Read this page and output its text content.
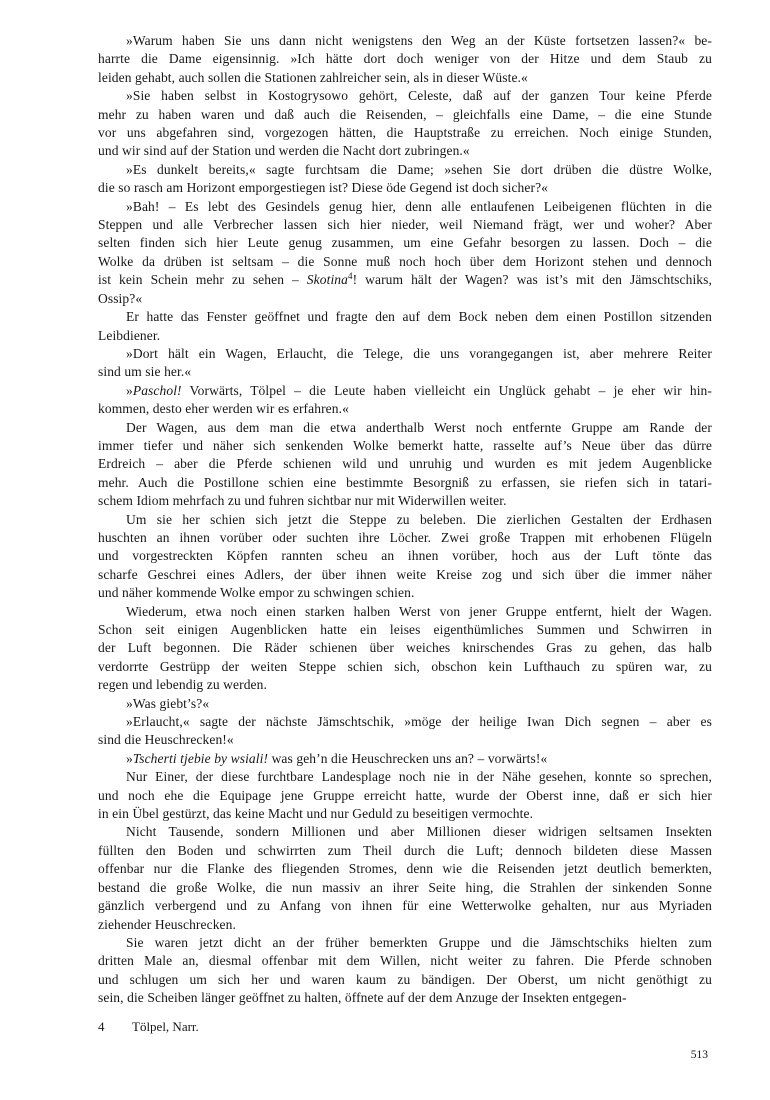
»Warum haben Sie uns dann nicht wenigstens den Weg an der Küste fortsetzen lassen?« be-
harrte die Dame eigensinnig. »Ich hätte dort doch weniger von der Hitze und dem Staub zu
leiden gehabt, auch sollen die Stationen zahlreicher sein, als in dieser Wüste.«
»Sie haben selbst in Kostogrysowo gehört, Celeste, daß auf der ganzen Tour keine Pferde
mehr zu haben waren und daß auch die Reisenden, – gleichfalls eine Dame, – die eine Stunde
vor uns abgefahren sind, vorgezogen hätten, die Hauptstraße zu erreichen. Noch einige Stunden,
und wir sind auf der Station und werden die Nacht dort zubringen.«
»Es dunkelt bereits,« sagte furchtsam die Dame; »sehen Sie dort drüben die düstre Wolke,
die so rasch am Horizont emporgestiegen ist? Diese öde Gegend ist doch sicher?«
»Bah! – Es lebt des Gesindels genug hier, denn alle entlaufenen Leibeigenen flüchten in die
Steppen und alle Verbrecher lassen sich hier nieder, weil Niemand frägt, wer und woher? Aber
selten finden sich hier Leute genug zusammen, um eine Gefahr besorgen zu lassen. Doch – die
Wolke da drüben ist seltsam – die Sonne muß noch hoch über dem Horizont stehen und dennoch
ist kein Schein mehr zu sehen – Skotina$^4$! warum hält der Wagen? was ist’s mit den Jämschtschiks,
Ossip?«
Er hatte das Fenster geöffnet und fragte den auf dem Bock neben dem einen Postillon sitzenden
Leibdiener.
»Dort hält ein Wagen, Erlaucht, die Telege, die uns vorangegangen ist, aber mehrere Reiter
sind um sie her.«
»Paschol! Vorwärts, Tölpel – die Leute haben vielleicht ein Unglück gehabt – je eher wir hin-
kommen, desto eher werden wir es erfahren.«
Der Wagen, aus dem man die etwa anderthalb Werst noch entfernte Gruppe am Rande der
immer tiefer und näher sich senkenden Wolke bemerkt hatte, rasselte auf’s Neue über das dürre
Erdreich – aber die Pferde schienen wild und unruhig und wurden es mit jedem Augenblicke
mehr. Auch die Postillone schien eine bestimmte Besorgniß zu erfassen, sie riefen sich in tatari-
schem Idiom mehrfach zu und fuhren sichtbar nur mit Widerwillen weiter.
Um sie her schien sich jetzt die Steppe zu beleben. Die zierlichen Gestalten der Erdhasen
huschten an ihnen vorüber oder suchten ihre Löcher. Zwei große Trappen mit erhobenen Flügeln
und vorgestreckten Köpfen rannten scheu an ihnen vorüber, hoch aus der Luft tönte das
scharfe Geschrei eines Adlers, der über ihnen weite Kreise zog und sich über die immer näher
und näher kommende Wolke empor zu schwingen schien.
Wiederum, etwa noch einen starken halben Werst von jener Gruppe entfernt, hielt der Wagen.
Schon seit einigen Augenblicken hatte ein leises eigenthümliches Summen und Schwirren in
der Luft begonnen. Die Räder schienen über weiches knirschendes Gras zu gehen, das halb
verdorrte Gestrüpp der weiten Steppe schien sich, obschon kein Lufthauch zu spüren war, zu
regen und lebendig zu werden.
»Was giebt’s?«
»Erlaucht,« sagte der nächste Jämschtschik, »möge der heilige Iwan Dich segnen – aber es
sind die Heuschrecken!«
»Tscherti tjebie by wsiali! was geh’n die Heuschrecken uns an? – vorwärts!«
Nur Einer, der diese furchtbare Landesplage noch nie in der Nähe gesehen, konnte so sprechen,
und noch ehe die Equipage jene Gruppe erreicht hatte, wurde der Oberst inne, daß er sich hier
in ein Übel gestürzt, das keine Macht und nur Geduld zu beseitigen vermochte.
Nicht Tausende, sondern Millionen und aber Millionen dieser widrigen seltsamen Insekten
füllten den Boden und schwirrten zum Theil durch die Luft; dennoch bildeten diese Massen
offenbar nur die Flanke des fliegenden Stromes, denn wie die Reisenden jetzt deutlich bemerkten,
bestand die große Wolke, die nun massiv an ihrer Seite hing, die Strahlen der sinkenden Sonne
gänzlich verbergend und zu Anfang von ihnen für eine Wetterwolke gehalten, nur aus Myriaden
ziehender Heuschrecken.
Sie waren jetzt dicht an der früher bemerkten Gruppe und die Jämschtschiks hielten zum
dritten Male an, diesmal offenbar mit dem Willen, nicht weiter zu fahren. Die Pferde schnoben
und schlugen um sich her und waren kaum zu bändigen. Der Oberst, um nicht genöthigt zu
sein, die Scheiben länger geöffnet zu halten, öffnete auf der dem Anzuge der Insekten entgegen-
4 Tölpel, Narr.
513
